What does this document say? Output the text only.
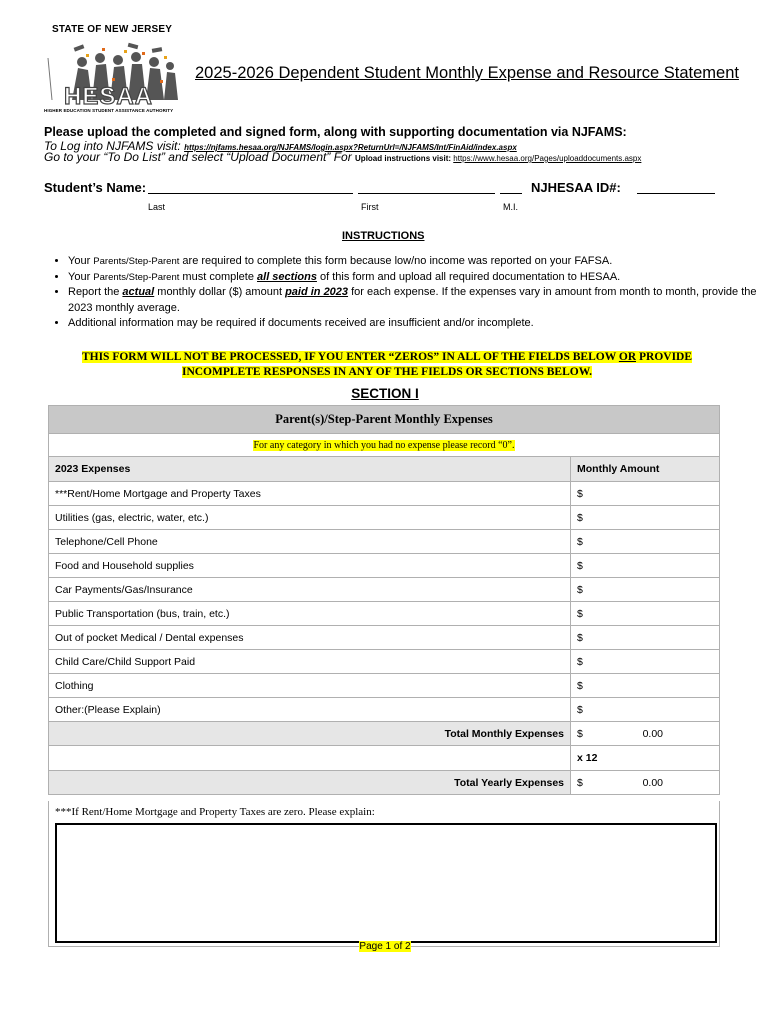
STATE OF NEW JERSEY
HESAA
HIGHER EDUCATION STUDENT ASSISTANCE AUTHORITY
2025-2026 Dependent Student Monthly Expense and Resource Statement
Please upload the completed and signed form, along with supporting documentation via NJFAMS:
To Log into NJFAMS visit: https://njfams.hesaa.org/NJFAMS/login.aspx?ReturnUrl=/NJFAMS/Int/FinAid/index.aspx
Go to your “To Do List” and select “Upload Document” For Upload instructions visit: https://www.hesaa.org/Pages/uploaddocuments.aspx
Student’s Name:	NJHESAA ID#:
Last	First	M.I.
INSTRUCTIONS
• Your Parents/Step-Parent are required to complete this form because low/no income was reported on your FAFSA.
• Your Parents/Step-Parent must complete all sections of this form and upload all required documentation to HESAA.
• Report the actual monthly dollar ($) amount paid in 2023 for each expense. If the expenses vary in amount from month to month, provide the 2023 monthly average.
• Additional information may be required if documents received are insufficient and/or incomplete.
THIS FORM WILL NOT BE PROCESSED, IF YOU ENTER “ZEROS” IN ALL OF THE FIELDS BELOW OR PROVIDE
INCOMPLETE RESPONSES IN ANY OF THE FIELDS OR SECTIONS BELOW.
SECTION I
Parent(s)/Step-Parent Monthly Expenses	
For any category in which you had no expense please record “0”.	
2023 Expenses	Monthly Amount
***Rent/Home Mortgage and Property Taxes	$
Utilities (gas, electric, water, etc.)	$
Telephone/Cell Phone	$
Food and Household supplies	$
Car Payments/Gas/Insurance	$
Public Transportation (bus, train, etc.)	$
Out of pocket Medical / Dental expenses	$
Child Care/Child Support Paid	$
Clothing	$
Other:(Please Explain)	$
Total Monthly Expenses	$ 0.00

	x 12
Total Yearly Expenses	$ 0.00
***If Rent/Home Mortgage and Property Taxes are zero. Please explain:
Page 1 of 2
